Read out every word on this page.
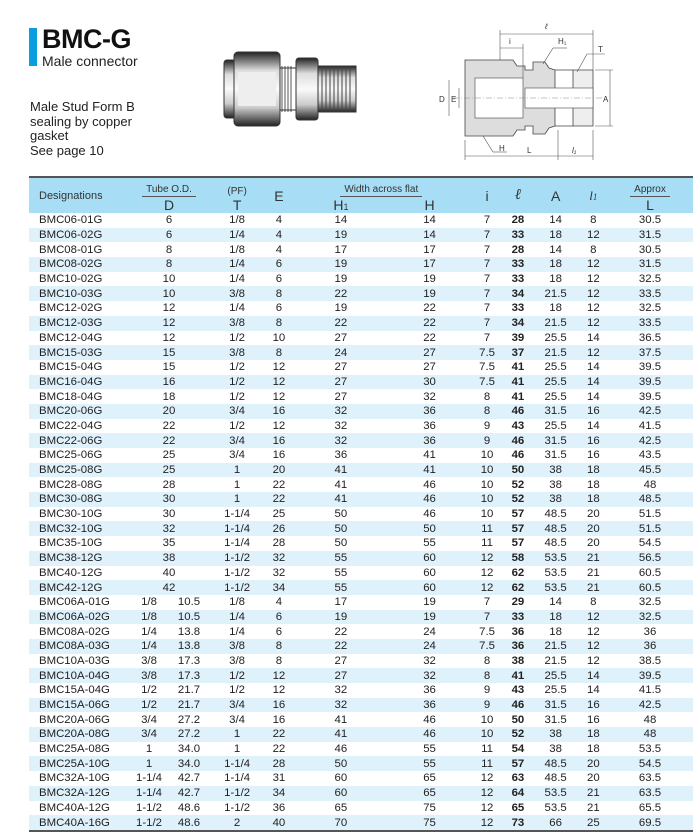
BMC-G
Male connector
Male Stud Form B
sealing by copper
gasket
See page 10
ℓ
i	H₁
T
D E	A
H	L	l₁
Designations	Tube O.D.		(PF)	E	Width across flat		i	ℓ	A	l1	Approx
	D		T		H1	H					L
BMC06-01G	6		1/8	4	14	14	7	28	14	8	30.5
BMC06-02G	6		1/4	4	19	14	7	33	18	12	31.5
BMC08-01G	8		1/8	4	17	17	7	28	14	8	30.5
BMC08-02G	8		1/4	6	19	17	7	33	18	12	31.5
BMC10-02G	10		1/4	6	19	19	7	33	18	12	32.5
BMC10-03G	10		3/8	8	22	19	7	34	21.5	12	33.5
BMC12-02G	12		1/4	6	19	22	7	33	18	12	32.5
BMC12-03G	12		3/8	8	22	22	7	34	21.5	12	33.5
BMC12-04G	12		1/2	10	27	22	7	39	25.5	14	36.5
BMC15-03G	15		3/8	8	24	27	7.5	37	21.5	12	37.5
BMC15-04G	15		1/2	12	27	27	7.5	41	25.5	14	39.5
BMC16-04G	16		1/2	12	27	30	7.5	41	25.5	14	39.5
BMC18-04G	18		1/2	12	27	32	8	41	25.5	14	39.5
BMC20-06G	20		3/4	16	32	36	8	46	31.5	16	42.5
BMC22-04G	22		1/2	12	32	36	9	43	25.5	14	41.5
BMC22-06G	22		3/4	16	32	36	9	46	31.5	16	42.5
BMC25-06G	25		3/4	16	36	41	10	46	31.5	16	43.5
BMC25-08G	25		1	20	41	41	10	50	38	18	45.5
BMC28-08G	28		1	22	41	46	10	52	38	18	48
BMC30-08G	30		1	22	41	46	10	52	38	18	48.5
BMC30-10G	30		1-1/4	25	50	46	10	57	48.5	20	51.5
BMC32-10G	32		1-1/4	26	50	50	11	57	48.5	20	51.5
BMC35-10G	35		1-1/4	28	50	55	11	57	48.5	20	54.5
BMC38-12G	38		1-1/2	32	55	60	12	58	53.5	21	56.5
BMC40-12G	40		1-1/2	32	55	60	12	62	53.5	21	60.5
BMC42-12G	42		1-1/2	34	55	60	12	62	53.5	21	60.5
BMC06A-01G	1/8	10.5	1/8	4	17	19	7	29	14	8	32.5
BMC06A-02G	1/8	10.5	1/4	6	19	19	7	33	18	12	32.5
BMC08A-02G	1/4	13.8	1/4	6	22	24	7.5	36	18	12	36
BMC08A-03G	1/4	13.8	3/8	8	22	24	7.5	36	21.5	12	36
BMC10A-03G	3/8	17.3	3/8	8	27	32	8	38	21.5	12	38.5
BMC10A-04G	3/8	17.3	1/2	12	27	32	8	41	25.5	14	39.5
BMC15A-04G	1/2	21.7	1/2	12	32	36	9	43	25.5	14	41.5
BMC15A-06G	1/2	21.7	3/4	16	32	36	9	46	31.5	16	42.5
BMC20A-06G	3/4	27.2	3/4	16	41	46	10	50	31.5	16	48
BMC20A-08G	3/4	27.2	1	22	41	46	10	52	38	18	48
BMC25A-08G	1	34.0	1	22	46	55	11	54	38	18	53.5
BMC25A-10G	1	34.0	1-1/4	28	50	55	11	57	48.5	20	54.5
BMC32A-10G	1-1/4	42.7	1-1/4	31	60	65	12	63	48.5	20	63.5
BMC32A-12G	1-1/4	42.7	1-1/2	34	60	65	12	64	53.5	21	63.5
BMC40A-12G	1-1/2	48.6	1-1/2	36	65	75	12	65	53.5	21	65.5
BMC40A-16G	1-1/2	48.6	2	40	70	75	12	73	66	25	69.5
